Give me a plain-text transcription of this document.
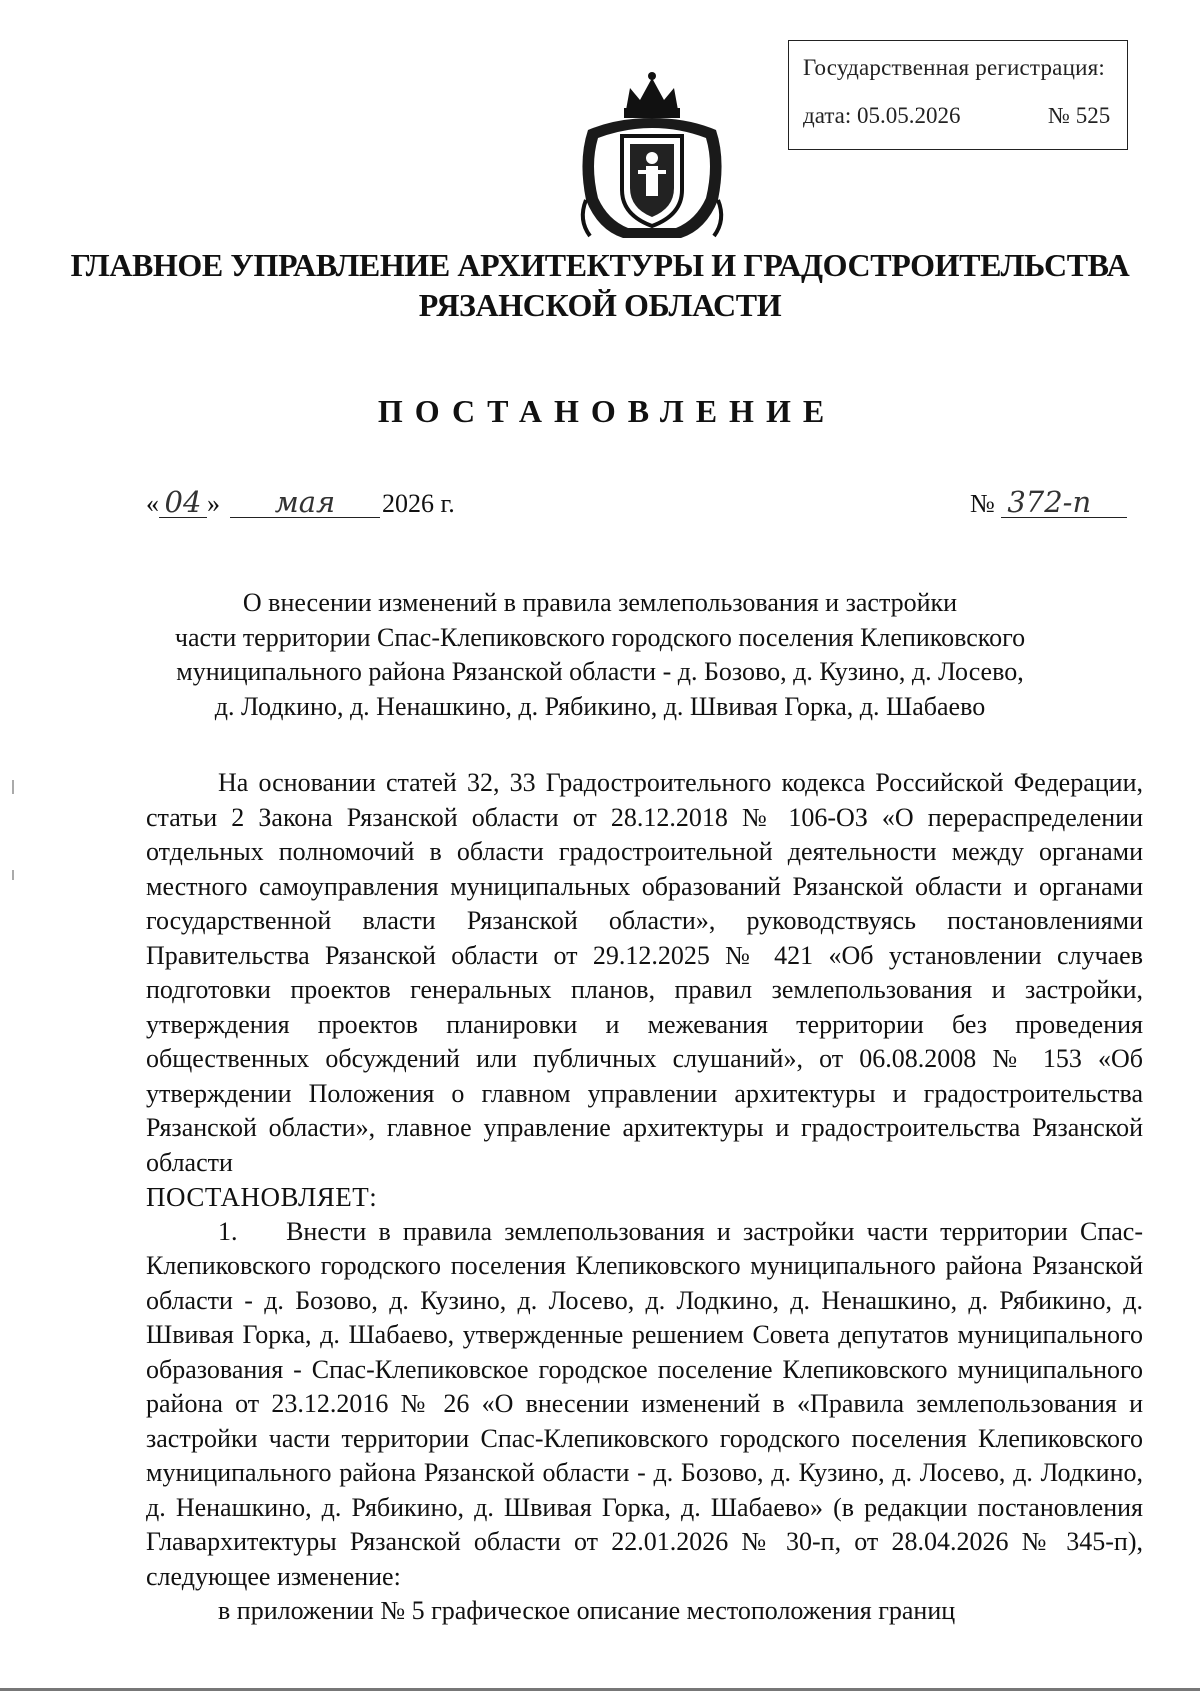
Государственная регистрация:
дата: 05.05.2026	№ 525
ГЛАВНОЕ УПРАВЛЕНИЕ АРХИТЕКТУРЫ И ГРАДОСТРОИТЕЛЬСТВА
РЯЗАНСКОЙ ОБЛАСТИ
ПОСТАНОВЛЕНИЕ
« 04 » мая 2026 г.	№ 372-п
О внесении изменений в правила землепользования и застройки
части территории Спас-Клепиковского городского поселения Клепиковского
муниципального района Рязанской области - д. Бозово, д. Кузино, д. Лосево,
д. Лодкино, д. Ненашкино, д. Рябикино, д. Швивая Горка, д. Шабаево

На основании статей 32, 33 Градостроительного кодекса Российской Федерации, статьи 2 Закона Рязанской области от 28.12.2018 № 106-ОЗ «О перераспределении отдельных полномочий в области градостроительной деятельности между органами местного самоуправления муниципальных образований Рязанской области и органами государственной власти Рязанской области», руководствуясь постановлениями Правительства Рязанской области от 29.12.2025 № 421 «Об установлении случаев подготовки проектов генеральных планов, правил землепользования и застройки, утверждения проектов планировки и межевания территории без проведения общественных обсуждений или публичных слушаний», от 06.08.2008 № 153 «Об утверждении Положения о главном управлении архитектуры и градостроительства Рязанской области», главное управление архитектуры и градостроительства Рязанской области

ПОСТАНОВЛЯЕТ:

1. Внести в правила землепользования и застройки части территории Спас-Клепиковского городского поселения Клепиковского муниципального района Рязанской области - д. Бозово, д. Кузино, д. Лосево, д. Лодкино, д. Ненашкино, д. Рябикино, д. Швивая Горка, д. Шабаево, утвержденные решением Совета депутатов муниципального образования - Спас-Клепиковское городское поселение Клепиковского муниципального района от 23.12.2016 № 26 «О внесении изменений в «Правила землепользования и застройки части территории Спас-Клепиковского городского поселения Клепиковского муниципального района Рязанской области - д. Бозово, д. Кузино, д. Лосево, д. Лодкино, д. Ненашкино, д. Рябикино, д. Швивая Горка, д. Шабаево» (в редакции постановления Главархитектуры Рязанской области от 22.01.2026 № 30-п, от 28.04.2026 № 345-п), следующее изменение:

в приложении № 5 графическое описание местоположения границ
